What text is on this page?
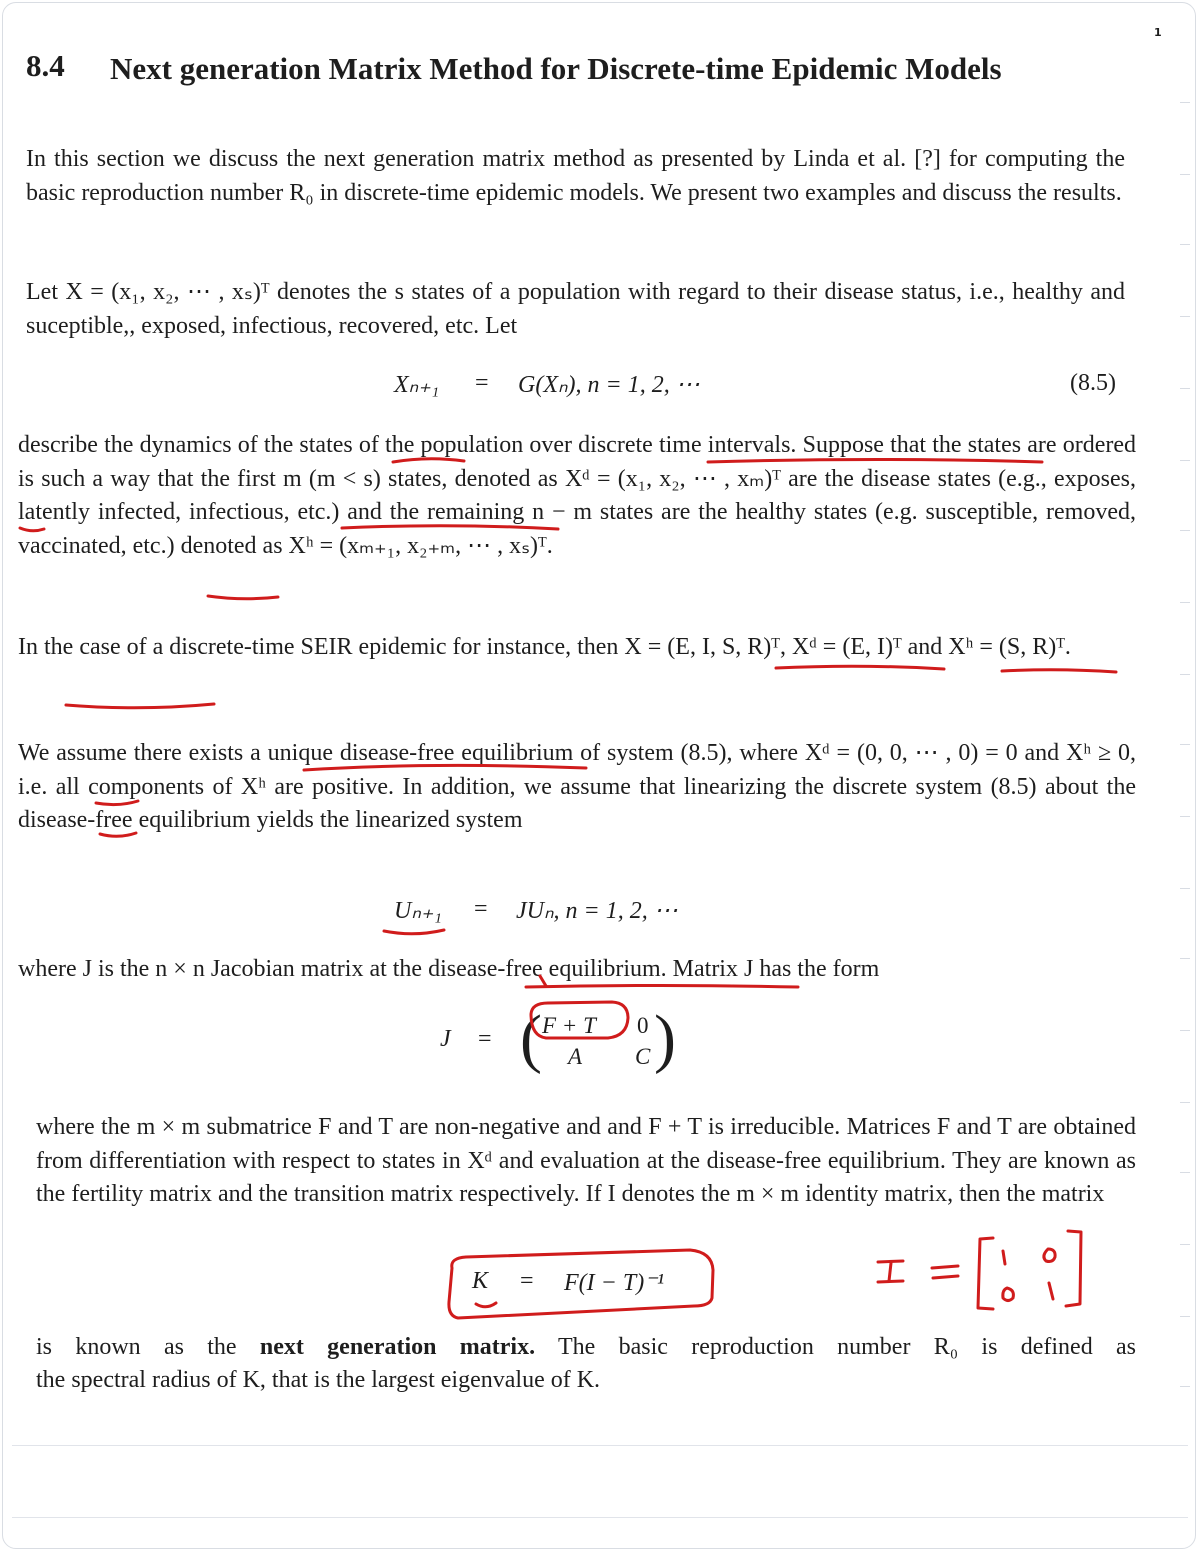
1
8.4 Next generation Matrix Method for Discrete-time Epidemic Models
In this section we discuss the next generation matrix method as presented by Linda et al. [?] for computing the basic reproduction number R₀ in discrete-time epidemic models. We present two examples and discuss the results.
Let X = (x₁, x₂, ⋯ , xₛ)ᵀ denotes the s states of a population with regard to their disease status, i.e., healthy and suceptible,, exposed, infectious, recovered, etc. Let
Xₙ₊₁ = G(Xₙ), n = 1, 2, ⋯	(8.5)
describe the dynamics of the states of the population over discrete time intervals. Suppose that the states are ordered is such a way that the first m (m < s) states, denoted as Xᵈ = (x₁, x₂, ⋯ , xₘ)ᵀ are the disease states (e.g., exposes, latently infected, infectious, etc.) and the remaining n − m states are the healthy states (e.g. susceptible, removed, vaccinated, etc.) denoted as Xʰ = (xₘ₊₁, x₂₊ₘ, ⋯ , xₛ)ᵀ.
In the case of a discrete-time SEIR epidemic for instance, then X = (E, I, S, R)ᵀ, Xᵈ = (E, I)ᵀ and Xʰ = (S, R)ᵀ.
We assume there exists a unique disease-free equilibrium of system (8.5), where Xᵈ = (0, 0, ⋯ , 0) = 0 and Xʰ ≥ 0, i.e. all components of Xʰ are positive. In addition, we assume that linearizing the discrete system (8.5) about the disease-free equilibrium yields the linearized system
Uₙ₊₁ = JUₙ, n = 1, 2, ⋯
where J is the n × n Jacobian matrix at the disease-free equilibrium. Matrix J has the form
J = ( F + T 0
A C )
where the m × m submatrice F and T are non-negative and and F + T is irreducible. Matrices F and T are obtained from differentiation with respect to states in Xᵈ and evaluation at the disease-free equilibrium. They are known as the fertility matrix and the transition matrix respectively. If I denotes the m × m identity matrix, then the matrix
K = F(I − T)⁻¹
is known as the next generation matrix. The basic reproduction number R₀ is defined as
the spectral radius of K, that is the largest eigenvalue of K.
